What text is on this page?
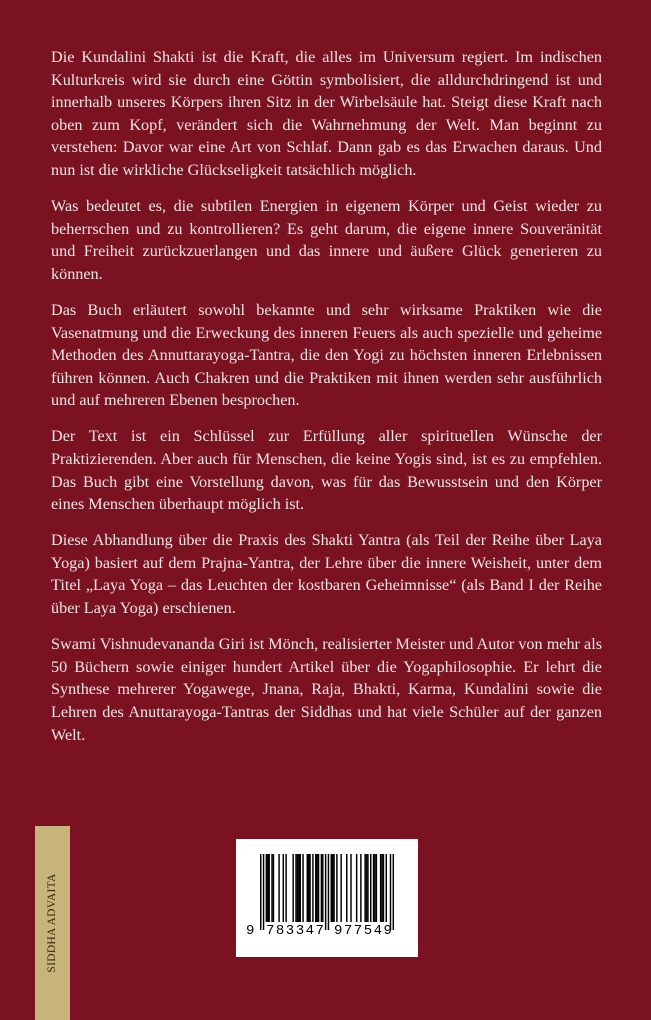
Die Kundalini Shakti ist die Kraft, die alles im Universum regiert. Im indischen Kulturkreis wird sie durch eine Göttin symbolisiert, die alldurchdringend ist und innerhalb unseres Körpers ihren Sitz in der Wirbelsäule hat. Steigt diese Kraft nach oben zum Kopf, verändert sich die Wahrnehmung der Welt. Man beginnt zu verstehen: Davor war eine Art von Schlaf. Dann gab es das Erwachen daraus. Und nun ist die wirkliche Glückseligkeit tatsächlich möglich.

Was bedeutet es, die subtilen Energien in eigenem Körper und Geist wieder zu beherrschen und zu kontrollieren? Es geht darum, die eigene innere Souveränität und Freiheit zurückzuerlangen und das innere und äußere Glück generieren zu können.

Das Buch erläutert sowohl bekannte und sehr wirksame Praktiken wie die Vasenatmung und die Erweckung des inneren Feuers als auch spezielle und geheime Methoden des Annuttarayoga-Tantra, die den Yogi zu höchsten inneren Erlebnissen führen können. Auch Chakren und die Praktiken mit ihnen werden sehr ausführlich und auf mehreren Ebenen besprochen.

Der Text ist ein Schlüssel zur Erfüllung aller spirituellen Wünsche der Praktizierenden. Aber auch für Menschen, die keine Yogis sind, ist es zu empfehlen. Das Buch gibt eine Vorstellung davon, was für das Bewusstsein und den Körper eines Menschen überhaupt möglich ist.

Diese Abhandlung über die Praxis des Shakti Yantra (als Teil der Reihe über Laya Yoga) basiert auf dem Prajna-Yantra, der Lehre über die innere Weisheit, unter dem Titel „Laya Yoga – das Leuchten der kostbaren Geheimnisse“ (als Band I der Reihe über Laya Yoga) erschienen.

Swami Vishnudevananda Giri ist Mönch, realisierter Meister und Autor von mehr als 50 Büchern sowie einiger hundert Artikel über die Yogaphilosophie. Er lehrt die Synthese mehrerer Yogawege, Jnana, Raja, Bhakti, Karma, Kundalini sowie die Lehren des Anuttarayoga-Tantras der Siddhas und hat viele Schüler auf der ganzen Welt.

SIDDHA ADVAITA	9 783347 977549
